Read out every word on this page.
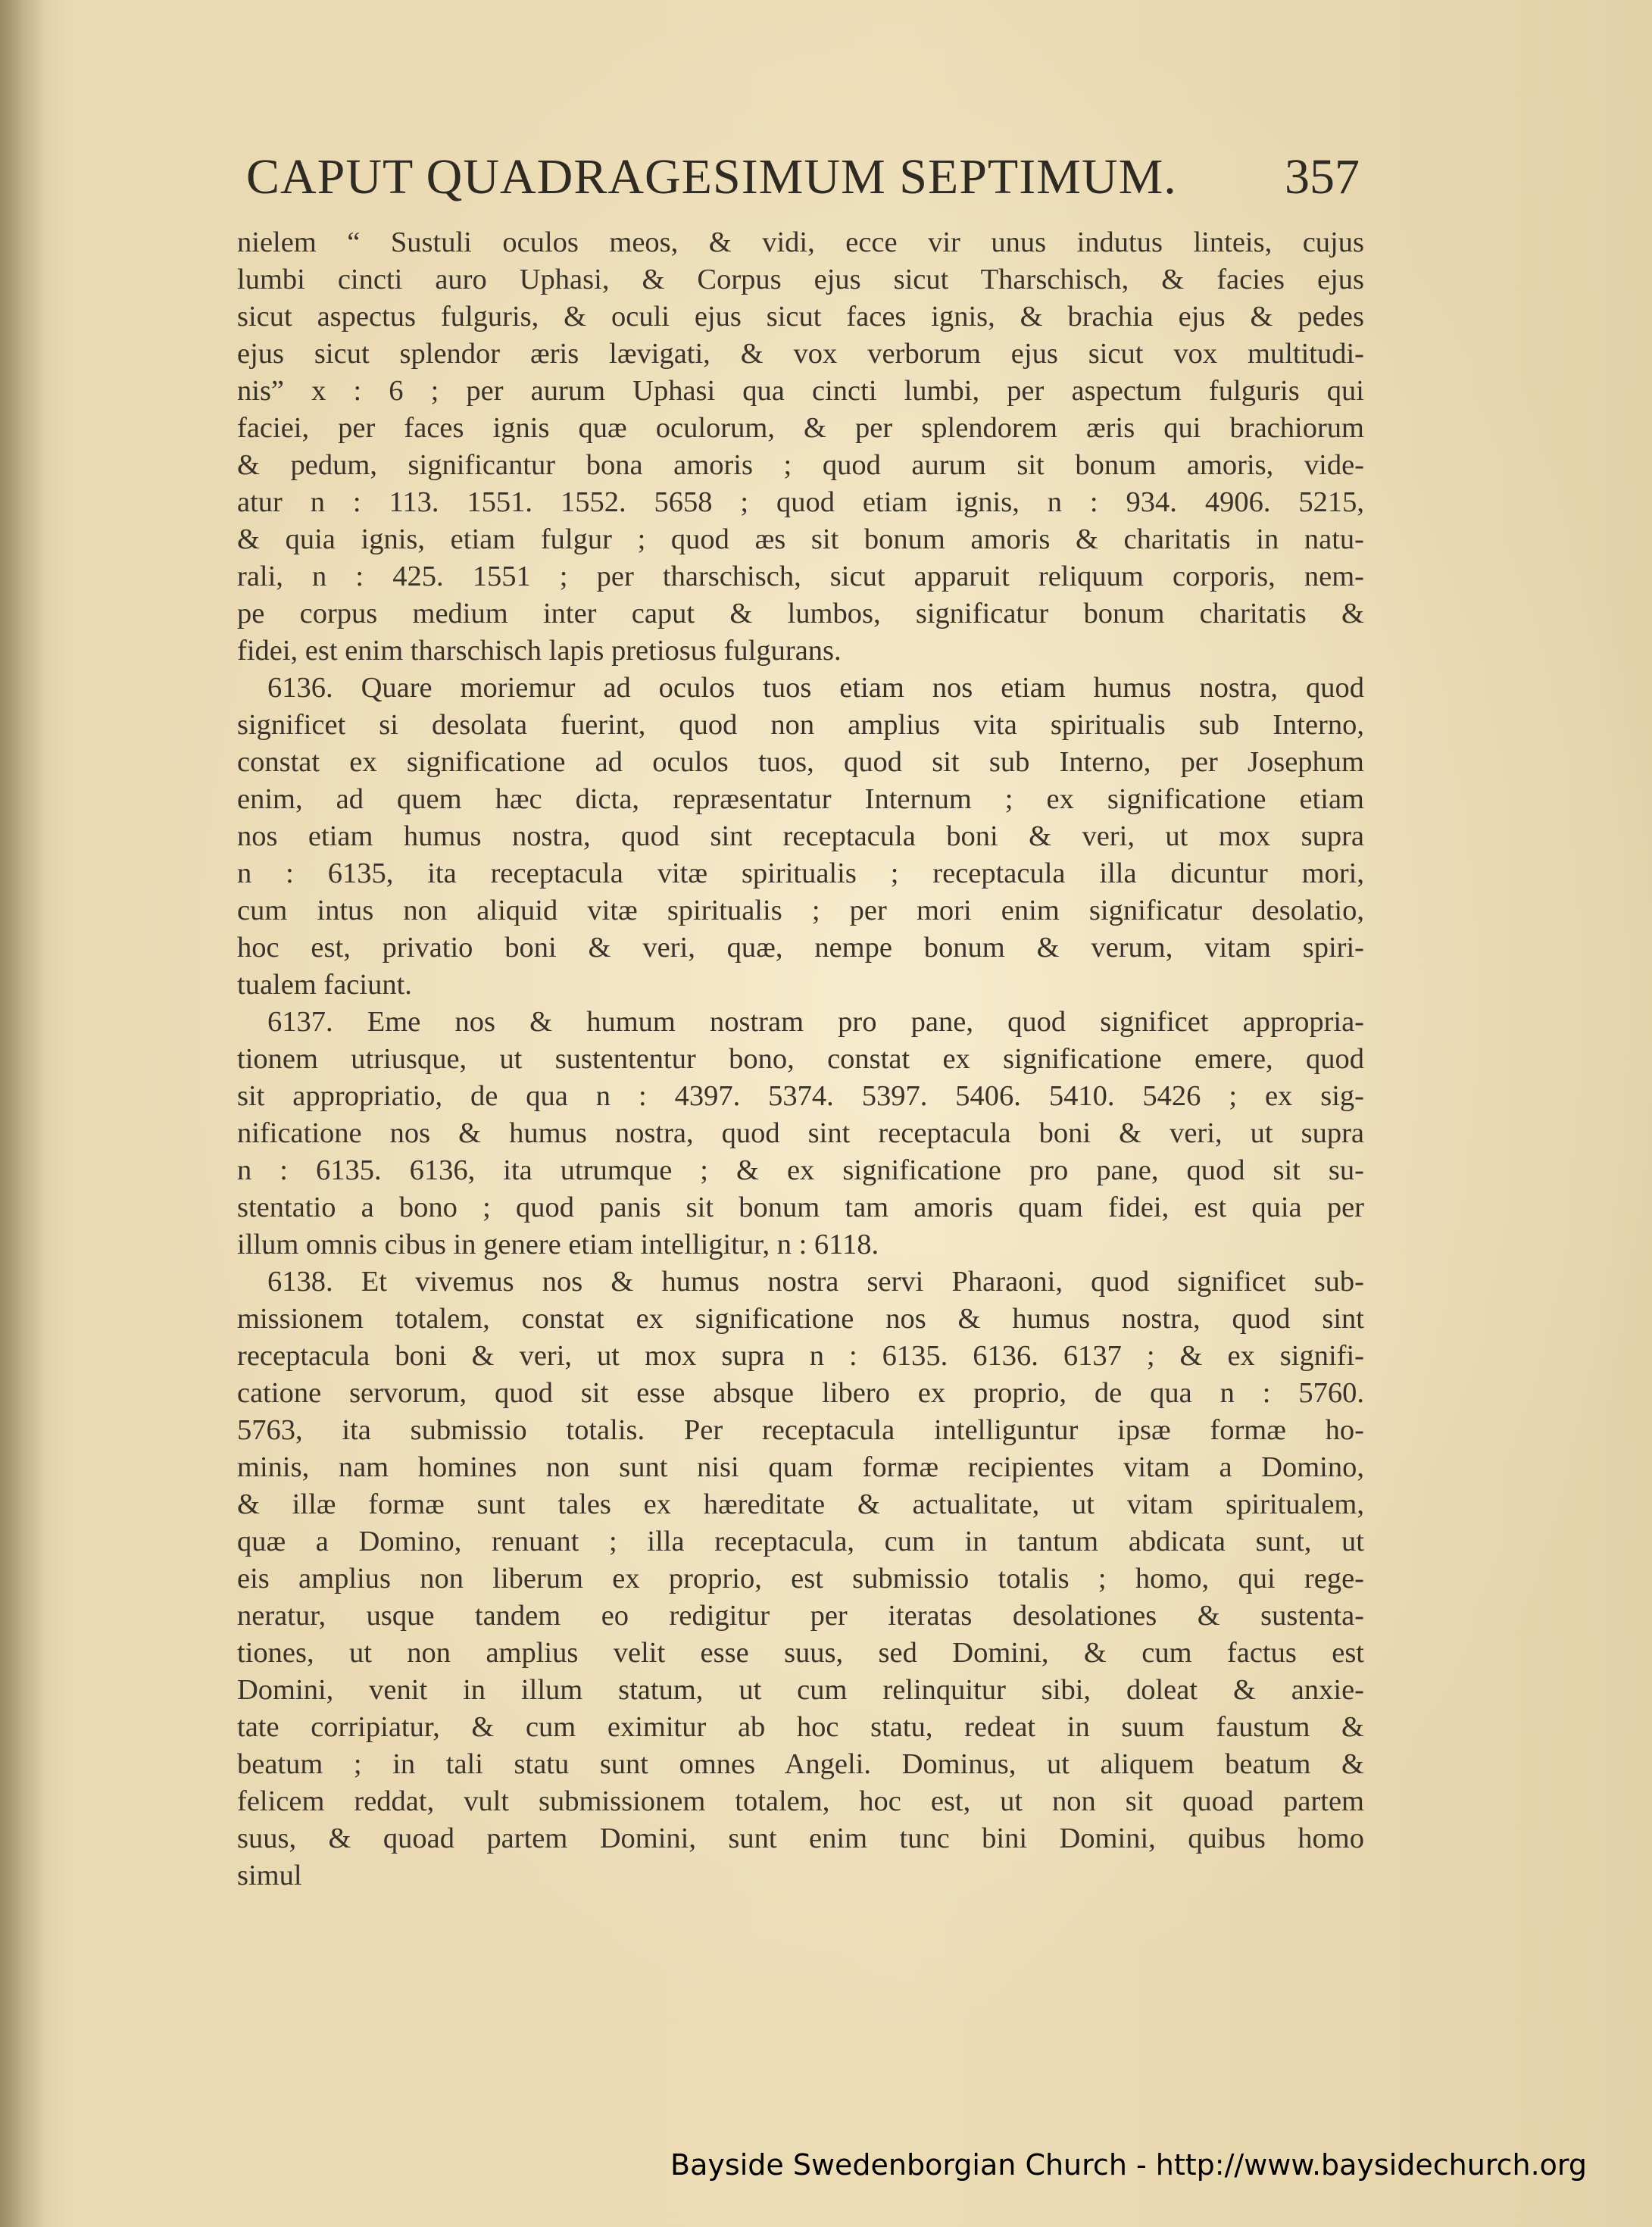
CAPUT QUADRAGESIMUM SEPTIMUM. 357
nielem “ Sustuli oculos meos, & vidi, ecce vir unus indutus linteis, cujus
lumbi cincti auro Uphasi, & Corpus ejus sicut Tharschisch, & facies ejus
sicut aspectus fulguris, & oculi ejus sicut faces ignis, & brachia ejus & pedes
ejus sicut splendor æris lævigati, & vox verborum ejus sicut vox multitudi-
nis” x : 6 ; per aurum Uphasi qua cincti lumbi, per aspectum fulguris qui
faciei, per faces ignis quæ oculorum, & per splendorem æris qui brachiorum
& pedum, significantur bona amoris ; quod aurum sit bonum amoris, vide-
atur n : 113. 1551. 1552. 5658 ; quod etiam ignis, n : 934. 4906. 5215,
& quia ignis, etiam fulgur ; quod æs sit bonum amoris & charitatis in natu-
rali, n : 425. 1551 ; per tharschisch, sicut apparuit reliquum corporis, nem-
pe corpus medium inter caput & lumbos, significatur bonum charitatis &
fidei, est enim tharschisch lapis pretiosus fulgurans.
6136. Quare moriemur ad oculos tuos etiam nos etiam humus nostra, quod
significet si desolata fuerint, quod non amplius vita spiritualis sub Interno,
constat ex significatione ad oculos tuos, quod sit sub Interno, per Josephum
enim, ad quem hæc dicta, repræsentatur Internum ; ex significatione etiam
nos etiam humus nostra, quod sint receptacula boni & veri, ut mox supra
n : 6135, ita receptacula vitæ spiritualis ; receptacula illa dicuntur mori,
cum intus non aliquid vitæ spiritualis ; per mori enim significatur desolatio,
hoc est, privatio boni & veri, quæ, nempe bonum & verum, vitam spiri-
tualem faciunt.
6137. Eme nos & humum nostram pro pane, quod significet appropria-
tionem utriusque, ut sustententur bono, constat ex significatione emere, quod
sit appropriatio, de qua n : 4397. 5374. 5397. 5406. 5410. 5426 ; ex sig-
nificatione nos & humus nostra, quod sint receptacula boni & veri, ut supra
n : 6135. 6136, ita utrumque ; & ex significatione pro pane, quod sit su-
stentatio a bono ; quod panis sit bonum tam amoris quam fidei, est quia per
illum omnis cibus in genere etiam intelligitur, n : 6118.
6138. Et vivemus nos & humus nostra servi Pharaoni, quod significet sub-
missionem totalem, constat ex significatione nos & humus nostra, quod sint
receptacula boni & veri, ut mox supra n : 6135. 6136. 6137 ; & ex signifi-
catione servorum, quod sit esse absque libero ex proprio, de qua n : 5760.
5763, ita submissio totalis. Per receptacula intelliguntur ipsæ formæ ho-
minis, nam homines non sunt nisi quam formæ recipientes vitam a Domino,
& illæ formæ sunt tales ex hæreditate & actualitate, ut vitam spiritualem,
quæ a Domino, renuant ; illa receptacula, cum in tantum abdicata sunt, ut
eis amplius non liberum ex proprio, est submissio totalis ; homo, qui rege-
neratur, usque tandem eo redigitur per iteratas desolationes & sustenta-
tiones, ut non amplius velit esse suus, sed Domini, & cum factus est
Domini, venit in illum statum, ut cum relinquitur sibi, doleat & anxie-
tate corripiatur, & cum eximitur ab hoc statu, redeat in suum faustum &
beatum ; in tali statu sunt omnes Angeli. Dominus, ut aliquem beatum &
felicem reddat, vult submissionem totalem, hoc est, ut non sit quoad partem
suus, & quoad partem Domini, sunt enim tunc bini Domini, quibus homo
simul
Bayside Swedenborgian Church - http://www.baysidechurch.org
